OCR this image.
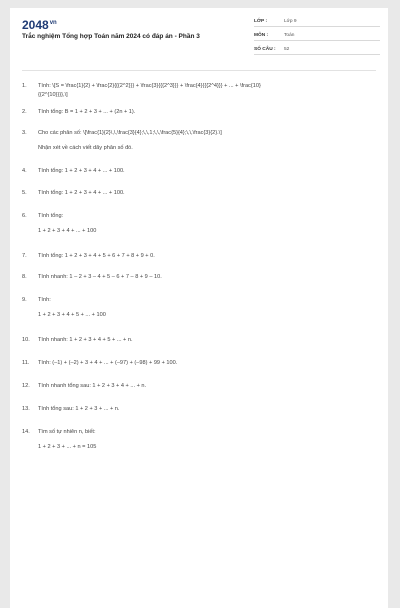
$2048^{vn}$
Trắc nghiệm Tổng hợp Toán năm 2024 có đáp án - Phần 3
LỚP :	Lớp 9
MÔN :	Toán
SỐ CÂU :	52
1.	Tính: \[S = \frac{1}{2} + \frac{2}{{{2^2}}} + \frac{3}{{{2^3}}} + \frac{4}{{{2^4}}} + ... + \frac{10}
{{2^{10}}}},\]
2.	Tính tổng: B = 1 + 2 + 3 + ... + (2n + 1).
3.	Cho các phân số: \[\frac{1}{2}\,\,\frac{3}{4};\,\,1;\,\,\frac{5}{4};\,\,\frac{3}{2}.\]
Nhận xét về cách viết dãy phân số đó.
4.	Tính tổng: 1 + 2 + 3 + 4 + ... + 100.
5.	Tính tổng: 1 + 2 + 3 + 4 + ... + 100.
6.	Tính tổng:
1 + 2 + 3 + 4 + ... + 100
7.	Tính tổng: 1 + 2 + 3 + 4 + 5 + 6 + 7 + 8 + 9 + 0.
8.	Tính nhanh: 1 – 2 + 3 – 4 + 5 – 6 + 7 – 8 + 9 – 10.
9.	Tính:
1 + 2 + 3 + 4 + 5 + ... + 100
10.	Tính nhanh: 1 + 2 + 3 + 4 + 5 + ... + n.
11.	Tính: (–1) + (–2) + 3 + 4 + ... + (–97) + (–98) + 99 + 100.
12.	Tính nhanh tổng sau: 1 + 2 + 3 + 4 + ... + n.
13.	Tính tổng sau: 1 + 2 + 3 + ... + n.
14.	Tìm số tự nhiên n, biết:
1 + 2 + 3 + ... + n = 105
